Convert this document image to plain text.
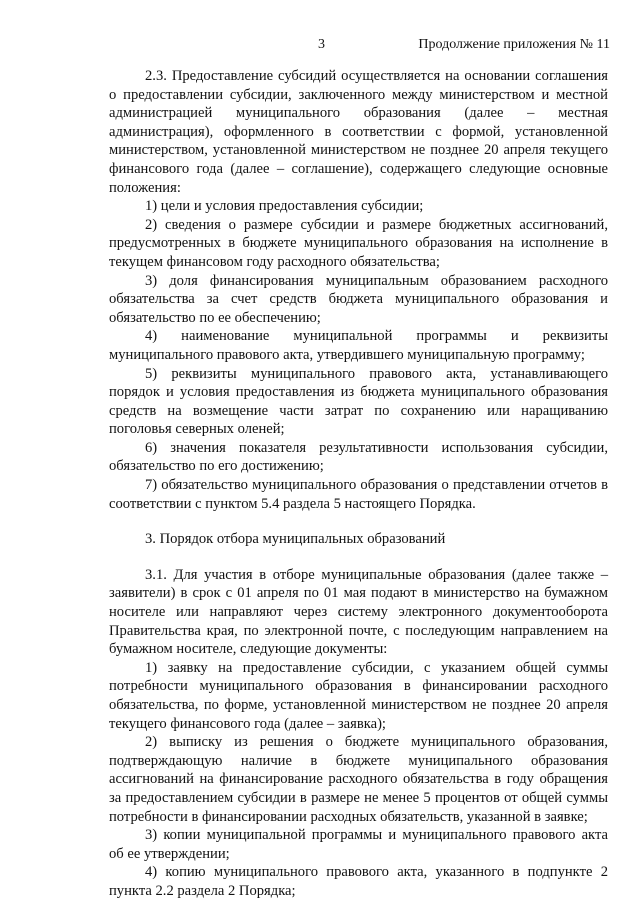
3	Продолжение приложения № 11

2.3. Предоставление субсидий осуществляется на основании соглашения о предоставлении субсидии, заключенного между министерством и местной администрацией муниципального образования (далее – местная администрация), оформленного в соответствии с формой, установленной министерством, установленной министерством не позднее 20 апреля текущего финансового года (далее – соглашение), содержащего следующие основные положения:

1) цели и условия предоставления субсидии;

2) сведения о размере субсидии и размере бюджетных ассигнований, предусмотренных в бюджете муниципального образования на исполнение в текущем финансовом году расходного обязательства;

3) доля финансирования муниципальным образованием расходного обязательства за счет средств бюджета муниципального образования и обязательство по ее обеспечению;

4) наименование муниципальной программы и реквизиты муниципального правового акта, утвердившего муниципальную программу;

5) реквизиты муниципального правового акта, устанавливающего порядок и условия предоставления из бюджета муниципального образования средств на возмещение части затрат по сохранению или наращиванию поголовья северных оленей;

6) значения показателя результативности использования субсидии, обязательство по его достижению;

7) обязательство муниципального образования о представлении отчетов в соответствии с пунктом 5.4 раздела 5 настоящего Порядка.

3. Порядок отбора муниципальных образований

3.1. Для участия в отборе муниципальные образования (далее также – заявители) в срок с 01 апреля по 01 мая подают в министерство на бумажном носителе или направляют через систему электронного документооборота Правительства края, по электронной почте, с последующим направлением на бумажном носителе, следующие документы:

1) заявку на предоставление субсидии, с указанием общей суммы потребности муниципального образования в финансировании расходного обязательства, по форме, установленной министерством не позднее 20 апреля текущего финансового года (далее – заявка);

2) выписку из решения о бюджете муниципального образования, подтверждающую наличие в бюджете муниципального образования ассигнований на финансирование расходного обязательства в году обращения за предоставлением субсидии в размере не менее 5 процентов от общей суммы потребности в финансировании расходных обязательств, указанной в заявке;

3) копии муниципальной программы и муниципального правового акта об ее утверждении;

4) копию муниципального правового акта, указанного в подпункте 2 пункта 2.2 раздела 2 Порядка;
